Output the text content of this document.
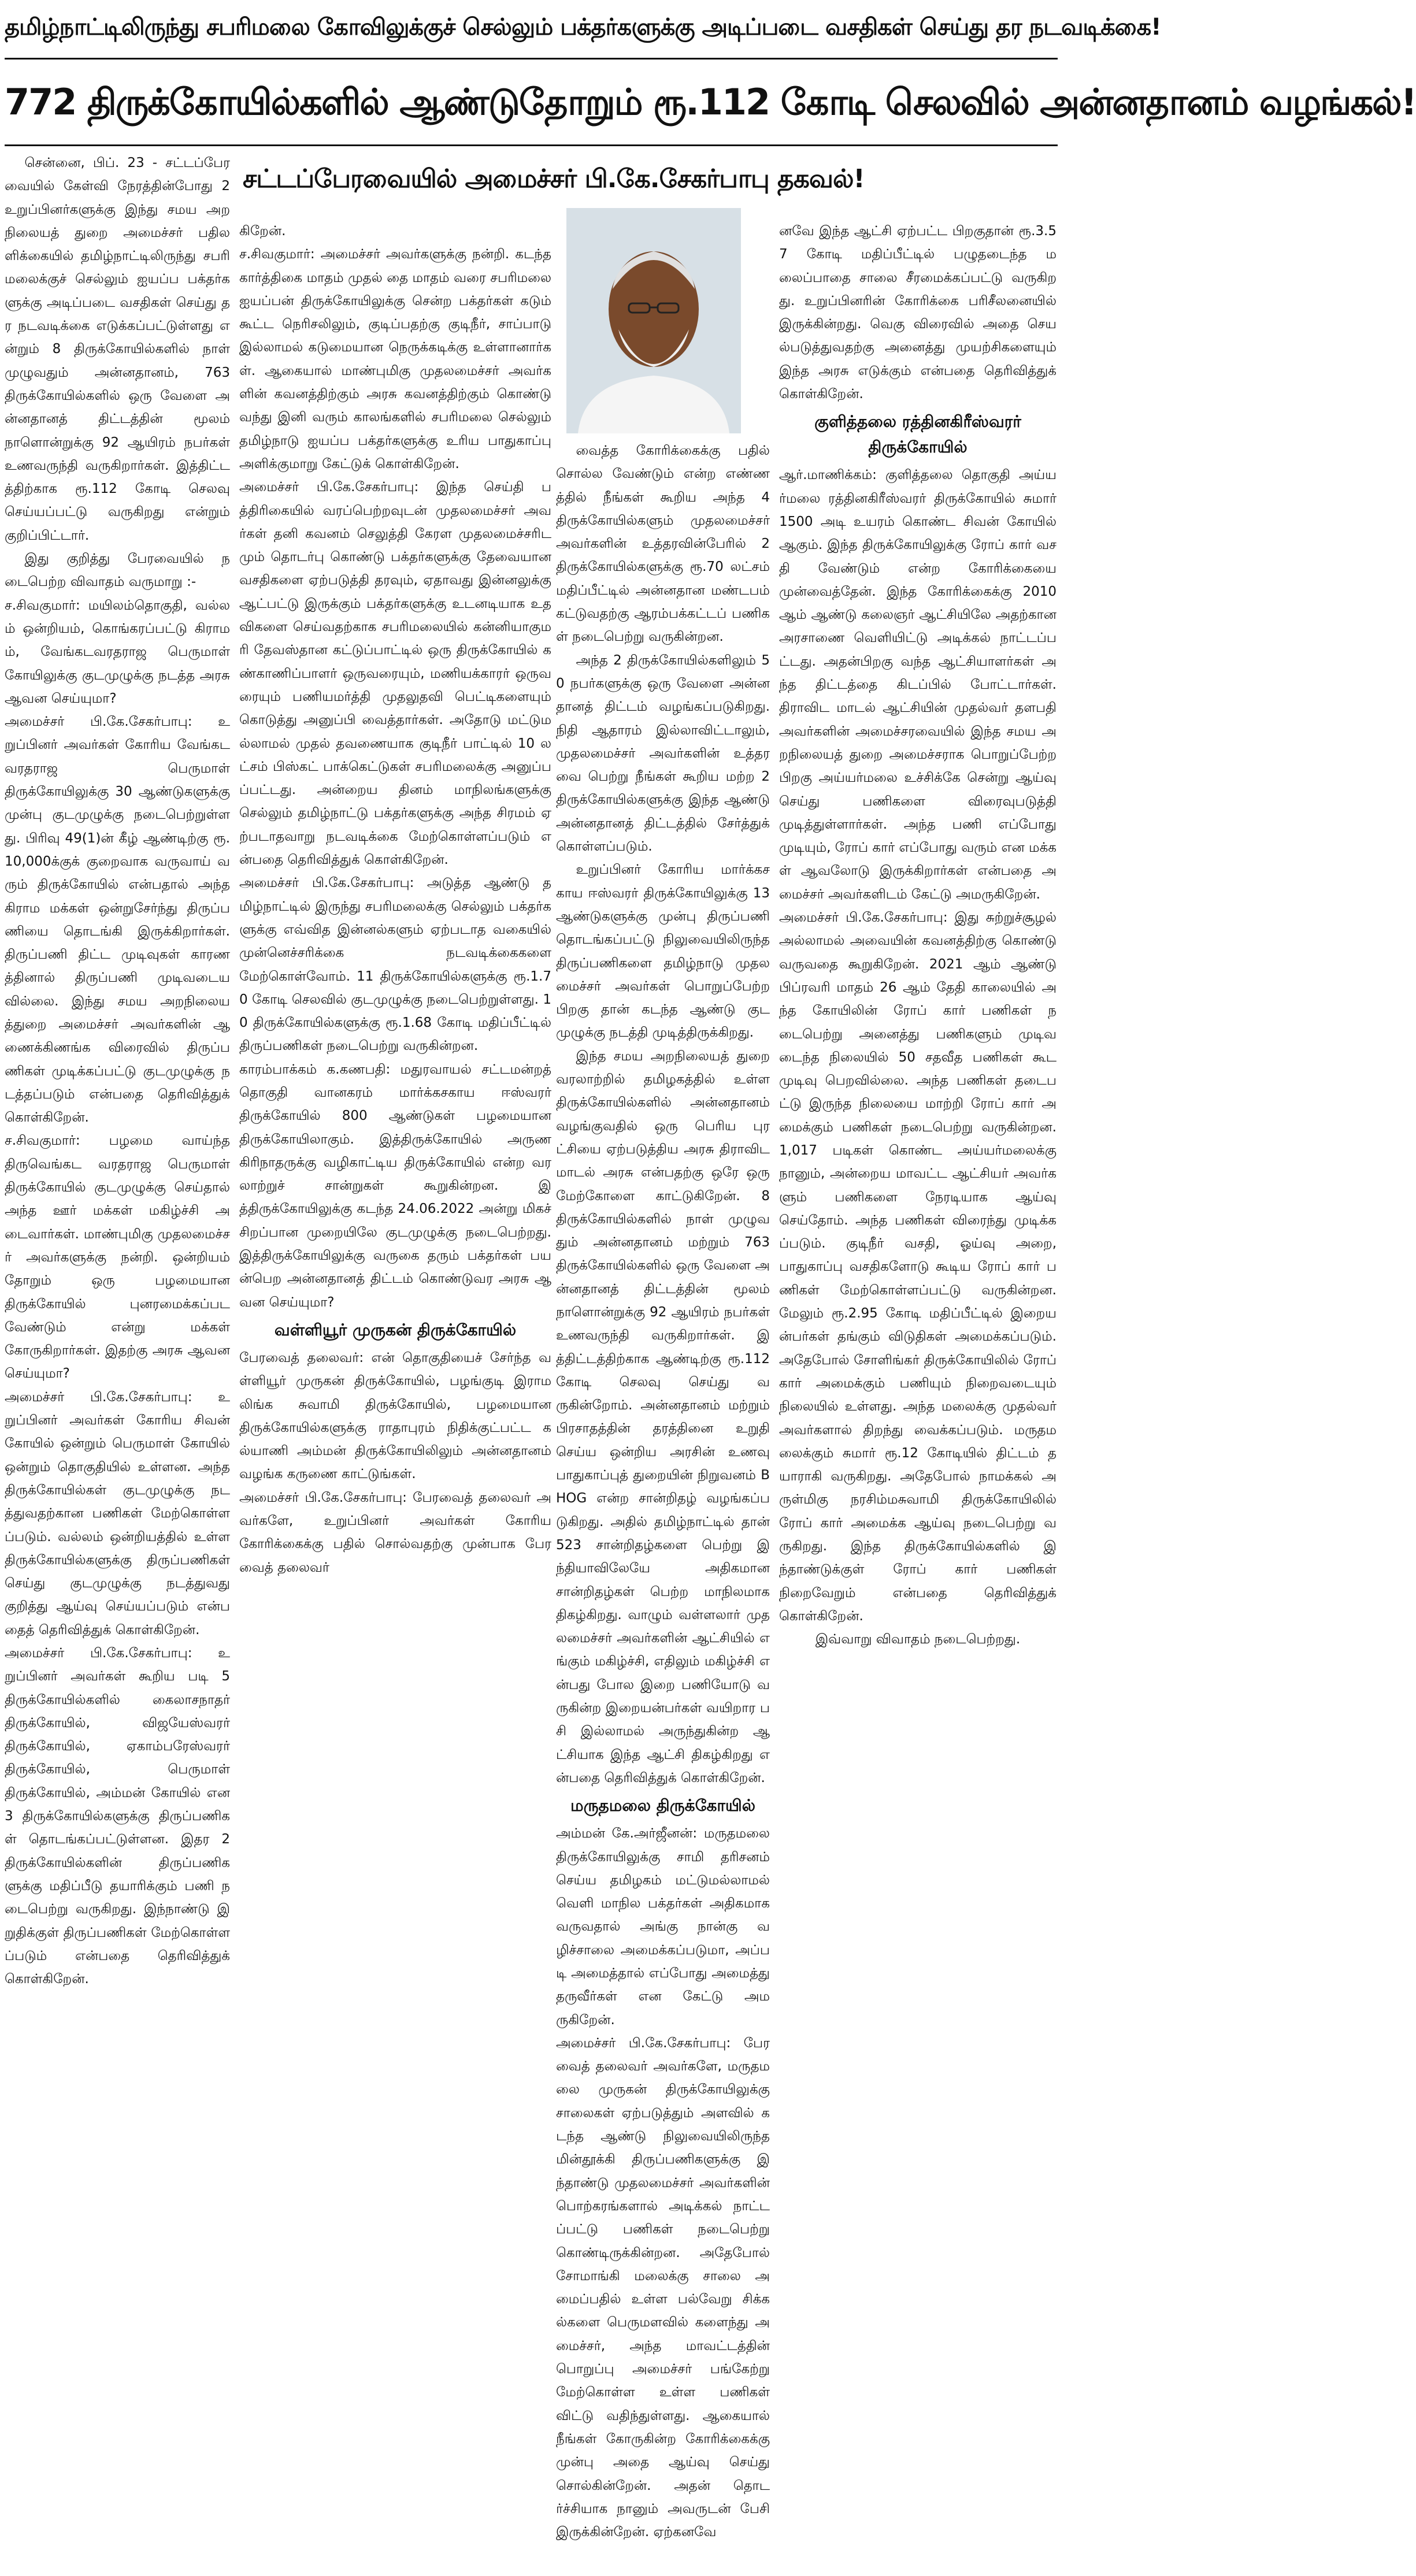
தமிழ்நாட்டிலிருந்து சபரிமலை கோவிலுக்குச் செல்லும் பக்தர்களுக்கு அடிப்படை வசதிகள் செய்து தர நடவடிக்கை!
772 திருக்கோயில்களில் ஆண்டுதோறும் ரூ.112 கோடி செலவில் அன்னதானம் வழங்கல்!
சட்டப்பேரவையில் அமைச்சர் பி.கே.சேகர்பாபு தகவல்!

சென்னை, பிப். 23 - சட்டப்பேரவையில் கேள்வி நேரத்தின்போது 2 உறுப்பினர்களுக்கு இந்து சமய அறநிலையத் துறை அமைச்சர் பதிலளிக்கையில் தமிழ்நாட்டிலிருந்து சபரி மலைக்குச் செல்லும் ஐயப்ப பக்தர்களுக்கு அடிப்படை வசதிகள் செய்து தர நடவடிக்கை எடுக்கப்பட்டுள்ளது என்றும் 8 திருக்கோயில்களில் நாள் முழுவதும் அன்னதானம், 763 திருக்கோயில்களில் ஒரு வேளை அன்னதானத் திட்டத்தின் மூலம் நாளொன்றுக்கு 92 ஆயிரம் நபர்கள் உணவருந்தி வருகிறார்கள். இத்திட்டத்திற்காக ரூ.112 கோடி செலவு செய்யப்பட்டு வருகிறது என்றும் குறிப்பிட்டார்.

இது குறித்து பேரவையில் நடைபெற்ற விவாதம் வருமாறு :-

ச.சிவகுமார்: மயிலம்தொகுதி, வல்லம் ஒன்றியம், கொங்கரப்பட்டு கிராமம், வேங்கடவரதராஜ பெருமாள் கோயிலுக்கு குடமுழுக்கு நடத்த அரசு ஆவன செய்யுமா?

அமைச்சர் பி.கே.சேகர்பாபு: உறுப்பினர் அவர்கள் கோரிய வேங்கட வரதராஜ பெருமாள் திருக்கோயிலுக்கு 30 ஆண்டுகளுக்கு முன்பு குடமுழுக்கு நடைபெற்றுள்ளது. பிரிவு 49(1)ன் கீழ் ஆண்டிற்கு ரூ.10,000க்குக் குறைவாக வருவாய் வரும் திருக்கோயில் என்பதால் அந்த கிராம மக்கள் ஒன்றுசேர்ந்து திருப்பணியை தொடங்கி இருக்கிறார்கள். திருப்பணி திட்ட முடிவுகள் காரணத்தினால் திருப்பணி முடிவடையவில்லை. இந்து சமய அறநிலையத்துறை அமைச்சர் அவர்களின் ஆணைக்கிணங்க விரைவில் திருப்பணிகள் முடிக்கப்பட்டு குடமுழுக்கு நடத்தப்படும் என்பதை தெரிவித்துக் கொள்கிறேன்.

ச.சிவகுமார்: பழமை வாய்ந்த திருவெங்கட வரதராஜ பெருமாள் திருக்கோயில் குடமுழுக்கு செய்தால் அந்த ஊர் மக்கள் மகிழ்ச்சி அடைவார்கள். மாண்புமிகு முதலமைச்சர் அவர்களுக்கு நன்றி. ஒன்றியம் தோறும் ஒரு பழமையான திருக்கோயில் புனரமைக்கப்பட வேண்டும் என்று மக்கள் கோருகிறார்கள். இதற்கு அரசு ஆவன செய்யுமா?

அமைச்சர் பி.கே.சேகர்பாபு: உறுப்பினர் அவர்கள் கோரிய சிவன் கோயில் ஒன்றும் பெருமாள் கோயில் ஒன்றும் தொகுதியில் உள்ளன. அந்த திருக்கோயில்கள் குடமுழுக்கு நடத்துவதற்கான பணிகள் மேற்கொள்ளப்படும். வல்லம் ஒன்றியத்தில் உள்ள திருக்கோயில்களுக்கு திருப்பணிகள் செய்து குடமுழுக்கு நடத்துவது குறித்து ஆய்வு செய்யப்படும் என்பதைத் தெரிவித்துக் கொள்கிறேன்.

அமைச்சர் பி.கே.சேகர்பாபு: உறுப்பினர் அவர்கள் கூறிய படி 5 திருக்கோயில்களில் கைலாசநாதர் திருக்கோயில், விஜயேஸ்வரர் திருக்கோயில், ஏகாம்பரேஸ்வரர் திருக்கோயில், பெருமாள் திருக்கோயில், அம்மன் கோயில் என 3 திருக்கோயில்களுக்கு திருப்பணிகள் தொடங்கப்பட்டுள்ளன. இதர 2 திருக்கோயில்களின் திருப்பணிகளுக்கு மதிப்பீடு தயாரிக்கும் பணி நடைபெற்று வருகிறது. இந்நாண்டு இறுதிக்குள் திருப்பணிகள் மேற்கொள்ளப்படும் என்பதை தெரிவித்துக் கொள்கிறேன்.

கிறேன்.

ச.சிவகுமார்: அமைச்சர் அவர்களுக்கு நன்றி. கடந்த கார்த்திகை மாதம் முதல் தை மாதம் வரை சபரிமலை ஐயப்பன் திருக்கோயிலுக்கு சென்ற பக்தர்கள் கடும் கூட்ட நெரிசலிலும், குடிப்பதற்கு குடிநீர், சாப்பாடு இல்லாமல் கடுமையான நெருக்கடிக்கு உள்ளானார்கள். ஆகையால் மாண்புமிகு முதலமைச்சர் அவர்களின் கவனத்திற்கும் அரசு கவனத்திற்கும் கொண்டு வந்து இனி வரும் காலங்களில் சபரிமலை செல்லும் தமிழ்நாடு ஐயப்ப பக்தர்களுக்கு உரிய பாதுகாப்பு அளிக்குமாறு கேட்டுக் கொள்கிறேன்.

அமைச்சர் பி.கே.சேகர்பாபு: இந்த செய்தி பத்திரிகையில் வரப்பெற்றவுடன் முதலமைச்சர் அவர்கள் தனி கவனம் செலுத்தி கேரள முதலமைச்சரிடமும் தொடர்பு கொண்டு பக்தர்களுக்கு தேவையான வசதிகளை ஏற்படுத்தி தரவும், ஏதாவது இன்னலுக்கு ஆட்பட்டு இருக்கும் பக்தர்களுக்கு உடனடியாக உதவிகளை செய்வதற்காக சபரிமலையில் கன்னியாகுமரி தேவஸ்தான கட்டுப்பாட்டில் ஒரு திருக்கோயில் கண்காணிப்பாளர் ஒருவரையும், மணியக்காரர் ஒருவரையும் பணியமர்த்தி முதலுதவி பெட்டிகளையும் கொடுத்து அனுப்பி வைத்தார்கள். அதோடு மட்டுமல்லாமல் முதல் தவணையாக குடிநீர் பாட்டில் 10 லட்சம் பிஸ்கட் பாக்கெட்டுகள் சபரிமலைக்கு அனுப்பப்பட்டது. அன்றைய தினம் மாநிலங்களுக்கு செல்லும் தமிழ்நாட்டு பக்தர்களுக்கு அந்த சிரமம் ஏற்படாதவாறு நடவடிக்கை மேற்கொள்ளப்படும் என்பதை தெரிவித்துக் கொள்கிறேன்.

அமைச்சர் பி.கே.சேகர்பாபு: அடுத்த ஆண்டு தமிழ்நாட்டில் இருந்து சபரிமலைக்கு செல்லும் பக்தர்களுக்கு எவ்வித இன்னல்களும் ஏற்படாத வகையில் முன்னெச்சரிக்கை நடவடிக்கைகளை மேற்கொள்வோம். 11 திருக்கோயில்களுக்கு ரூ.1.70 கோடி செலவில் குடமுழுக்கு நடைபெற்றுள்ளது. 10 திருக்கோயில்களுக்கு ரூ.1.68 கோடி மதிப்பீட்டில் திருப்பணிகள் நடைபெற்று வருகின்றன.

காரம்பாக்கம் க.கணபதி: மதுரவாயல் சட்டமன்றத் தொகுதி வானகரம் மார்க்கசகாய ஈஸ்வரர் திருக்கோயில் 800 ஆண்டுகள் பழமையான திருக்கோயிலாகும். இத்திருக்கோயில் அருணகிரிநாதருக்கு வழிகாட்டிய திருக்கோயில் என்ற வரலாற்றுச் சான்றுகள் கூறுகின்றன. இத்திருக்கோயிலுக்கு கடந்த 24.06.2022 அன்று மிகச் சிறப்பான முறையிலே குடமுழுக்கு நடைபெற்றது. இத்திருக்கோயிலுக்கு வருகை தரும் பக்தர்கள் பயன்பெற அன்னதானத் திட்டம் கொண்டுவர அரசு ஆவன செய்யுமா?

வள்ளியூர் முருகன் திருக்கோயில்

பேரவைத் தலைவர்: என் தொகுதியைச் சேர்ந்த வள்ளியூர் முருகன் திருக்கோயில், பழங்குடி இராமலிங்க சுவாமி திருக்கோயில், பழமையான திருக்கோயில்களுக்கு ராதாபுரம் நிதிக்குட்பட்ட கல்யாணி அம்மன் திருக்கோயிலிலும் அன்னதானம் வழங்க கருணை காட்டுங்கள்.

அமைச்சர் பி.கே.சேகர்பாபு: பேரவைத் தலைவர் அவர்களே, உறுப்பினர் அவர்கள் கோரிய கோரிக்கைக்கு பதில் சொல்வதற்கு முன்பாக பேரவைத் தலைவர்

வைத்த கோரிக்கைக்கு பதில் சொல்ல வேண்டும் என்ற எண்ணத்தில் நீங்கள் கூறிய அந்த 4 திருக்கோயில்களும் முதலமைச்சர் அவர்களின் உத்தரவின்பேரில் 2 திருக்கோயில்களுக்கு ரூ.70 லட்சம் மதிப்பீட்டில் அன்னதான மண்டபம் கட்டுவதற்கு ஆரம்பக்கட்டப் பணிகள் நடைபெற்று வருகின்றன.

அந்த 2 திருக்கோயில்களிலும் 50 நபர்களுக்கு ஒரு வேளை அன்னதானத் திட்டம் வழங்கப்படுகிறது. நிதி ஆதாரம் இல்லாவிட்டாலும், முதலமைச்சர் அவர்களின் உத்தரவை பெற்று நீங்கள் கூறிய மற்ற 2 திருக்கோயில்களுக்கு இந்த ஆண்டு அன்னதானத் திட்டத்தில் சேர்த்துக் கொள்ளப்படும்.

உறுப்பினர் கோரிய மார்க்கசகாய ஈஸ்வரர் திருக்கோயிலுக்கு 13 ஆண்டுகளுக்கு முன்பு திருப்பணி தொடங்கப்பட்டு நிலுவையிலிருந்த திருப்பணிகளை தமிழ்நாடு முதலமைச்சர் அவர்கள் பொறுப்பேற்ற பிறகு தான் கடந்த ஆண்டு குடமுழுக்கு நடத்தி முடித்திருக்கிறது.

இந்த சமய அறநிலையத் துறை வரலாற்றில் தமிழகத்தில் உள்ள திருக்கோயில்களில் அன்னதானம் வழங்குவதில் ஒரு பெரிய புரட்சியை ஏற்படுத்திய அரசு திராவிட மாடல் அரசு என்பதற்கு ஒரே ஒரு மேற்கோளை காட்டுகிறேன். 8 திருக்கோயில்களில் நாள் முழுவதும் அன்னதானம் மற்றும் 763 திருக்கோயில்களில் ஒரு வேளை அன்னதானத் திட்டத்தின் மூலம் நாளொன்றுக்கு 92 ஆயிரம் நபர்கள் உணவருந்தி வருகிறார்கள். இத்திட்டத்திற்காக ஆண்டிற்கு ரூ.112 கோடி செலவு செய்து வருகின்றோம். அன்னதானம் மற்றும் பிரசாதத்தின் தரத்தினை உறுதி செய்ய ஒன்றிய அரசின் உணவு பாதுகாப்புத் துறையின் நிறுவனம் BHOG என்ற சான்றிதழ் வழங்கப்படுகிறது. அதில் தமிழ்நாட்டில் தான் 523 சான்றிதழ்களை பெற்று இந்தியாவிலேயே அதிகமான சான்றிதழ்கள் பெற்ற மாநிலமாக திகழ்கிறது. வாழும் வள்ளலார் முதலமைச்சர் அவர்களின் ஆட்சியில் எங்கும் மகிழ்ச்சி, எதிலும் மகிழ்ச்சி என்பது போல இறை பணியோடு வருகின்ற இறையன்பர்கள் வயிறார பசி இல்லாமல் அருந்துகின்ற ஆட்சியாக இந்த ஆட்சி திகழ்கிறது என்பதை தெரிவித்துக் கொள்கிறேன்.

மருதமலை திருக்கோயில்

அம்மன் கே.அர்ஜீனன்: மருதமலை திருக்கோயிலுக்கு சாமி தரிசனம் செய்ய தமிழகம் மட்டுமல்லாமல் வெளி மாநில பக்தர்கள் அதிகமாக வருவதால் அங்கு நான்கு வழிச்சாலை அமைக்கப்படுமா, அப்படி அமைத்தால் எப்போது அமைத்து தருவீர்கள் என கேட்டு அமருகிறேன்.

அமைச்சர் பி.கே.சேகர்பாபு: பேரவைத் தலைவர் அவர்களே, மருதமலை முருகன் திருக்கோயிலுக்கு சாலைகள் ஏற்படுத்தும் அளவில் கடந்த ஆண்டு நிலுவையிலிருந்த மின்தூக்கி திருப்பணிகளுக்கு இந்தாண்டு முதலமைச்சர் அவர்களின் பொற்கரங்களால் அடிக்கல் நாட்டப்பட்டு பணிகள் நடைபெற்று கொண்டிருக்கின்றன. அதேபோல் சோமாங்கி மலைக்கு சாலை அமைப்பதில் உள்ள பல்வேறு சிக்கல்களை பெருமளவில் களைந்து அமைச்சர், அந்த மாவட்டத்தின் பொறுப்பு அமைச்சர் பங்கேற்று மேற்கொள்ள உள்ள பணிகள் விட்டு வதிந்துள்ளது. ஆகையால் நீங்கள் கோருகின்ற கோரிக்கைக்கு முன்பு அதை ஆய்வு செய்து சொல்கின்றேன். அதன் தொடர்ச்சியாக நானும் அவருடன் பேசி இருக்கின்றேன். ஏற்கனவே

னவே இந்த ஆட்சி ஏற்பட்ட பிறகுதான் ரூ.3.57 கோடி மதிப்பீட்டில் பழுதடைந்த மலைப்பாதை சாலை சீரமைக்கப்பட்டு வருகிறது. உறுப்பினரின் கோரிக்கை பரிசீலனையில் இருக்கின்றது. வெகு விரைவில் அதை செயல்படுத்துவதற்கு அனைத்து முயற்சிகளையும் இந்த அரசு எடுக்கும் என்பதை தெரிவித்துக் கொள்கிறேன்.

குளித்தலை ரத்தினகிரீஸ்வரர் திருக்கோயில்

ஆர்.மாணிக்கம்: குளித்தலை தொகுதி அய்யர்மலை ரத்தினகிரீஸ்வரர் திருக்கோயில் சுமார் 1500 அடி உயரம் கொண்ட சிவன் கோயில் ஆகும். இந்த திருக்கோயிலுக்கு ரோப் கார் வசதி வேண்டும் என்ற கோரிக்கையை முன்வைத்தேன். இந்த கோரிக்கைக்கு 2010 ஆம் ஆண்டு கலைஞர் ஆட்சியிலே அதற்கான அரசாணை வெளியிட்டு அடிக்கல் நாட்டப்பட்டது. அதன்பிறகு வந்த ஆட்சியாளர்கள் அந்த திட்டத்தை கிடப்பில் போட்டார்கள். திராவிட மாடல் ஆட்சியின் முதல்வர் தளபதி அவர்களின் அமைச்சரவையில் இந்த சமய அறநிலையத் துறை அமைச்சராக பொறுப்பேற்ற பிறகு அய்யர்மலை உச்சிக்கே சென்று ஆய்வு செய்து பணிகளை விரைவுபடுத்தி முடித்துள்ளார்கள். அந்த பணி எப்போது முடியும், ரோப் கார் எப்போது வரும் என மக்கள் ஆவலோடு இருக்கிறார்கள் என்பதை அமைச்சர் அவர்களிடம் கேட்டு அமருகிறேன்.

அமைச்சர் பி.கே.சேகர்பாபு: இது சுற்றுச்சூழல் அல்லாமல் அவையின் கவனத்திற்கு கொண்டு வருவதை கூறுகிறேன். 2021 ஆம் ஆண்டு பிப்ரவரி மாதம் 26 ஆம் தேதி காலையில் அந்த கோயிலின் ரோப் கார் பணிகள் நடைபெற்று அனைத்து பணிகளும் முடிவடைந்த நிலையில் 50 சதவீத பணிகள் கூட முடிவு பெறவில்லை. அந்த பணிகள் தடைபட்டு இருந்த நிலையை மாற்றி ரோப் கார் அமைக்கும் பணிகள் நடைபெற்று வருகின்றன. 1,017 படிகள் கொண்ட அய்யர்மலைக்கு நானும், அன்றைய மாவட்ட ஆட்சியர் அவர்களும் பணிகளை நேரடியாக ஆய்வு செய்தோம். அந்த பணிகள் விரைந்து முடிக்கப்படும். குடிநீர் வசதி, ஓய்வு அறை, பாதுகாப்பு வசதிகளோடு கூடிய ரோப் கார் பணிகள் மேற்கொள்ளப்பட்டு வருகின்றன. மேலும் ரூ.2.95 கோடி மதிப்பீட்டில் இறையன்பர்கள் தங்கும் விடுதிகள் அமைக்கப்படும். அதேபோல் சோளிங்கர் திருக்கோயிலில் ரோப் கார் அமைக்கும் பணியும் நிறைவடையும் நிலையில் உள்ளது. அந்த மலைக்கு முதல்வர் அவர்களால் திறந்து வைக்கப்படும். மருதமலைக்கும் சுமார் ரூ.12 கோடியில் திட்டம் தயாராகி வருகிறது. அதேபோல் நாமக்கல் அருள்மிகு நரசிம்மசுவாமி திருக்கோயிலில் ரோப் கார் அமைக்க ஆய்வு நடைபெற்று வருகிறது. இந்த திருக்கோயில்களில் இந்தாண்டுக்குள் ரோப் கார் பணிகள் நிறைவேறும் என்பதை தெரிவித்துக் கொள்கிறேன்.

இவ்வாறு விவாதம் நடைபெற்றது.
